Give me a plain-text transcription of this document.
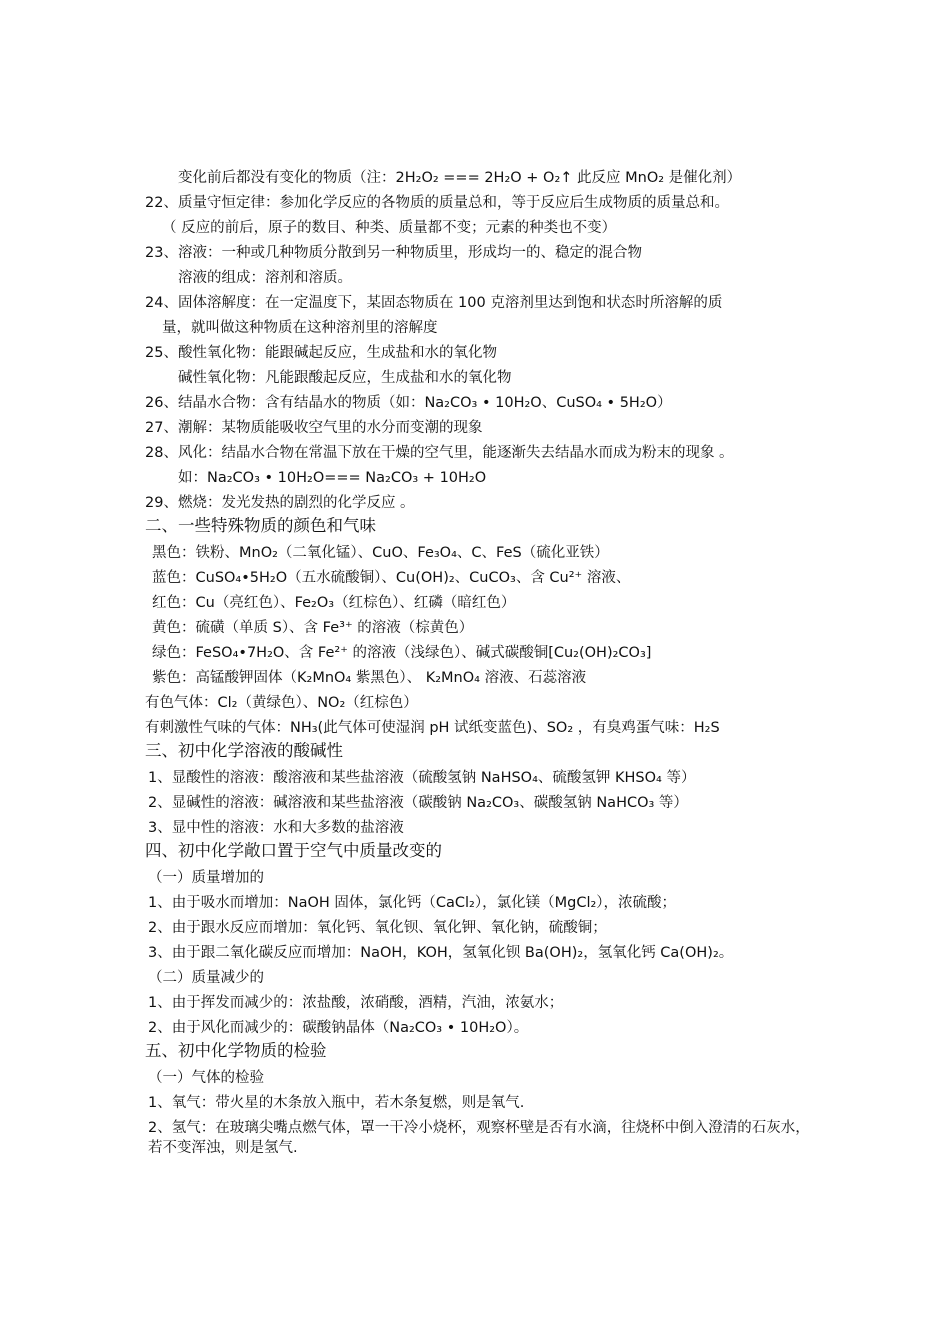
变化前后都没有变化的物质（注：2H₂O₂ === 2H₂O + O₂↑ 此反应 MnO₂ 是催化剂）
22、质量守恒定律：参加化学反应的各物质的质量总和，等于反应后生成物质的质量总和。
（ 反应的前后，原子的数目、种类、质量都不变；元素的种类也不变）
23、溶液：一种或几种物质分散到另一种物质里，形成均一的、稳定的混合物
溶液的组成：溶剂和溶质。
24、固体溶解度：在一定温度下，某固态物质在 100 克溶剂里达到饱和状态时所溶解的质
量，就叫做这种物质在这种溶剂里的溶解度
25、酸性氧化物：能跟碱起反应，生成盐和水的氧化物
碱性氧化物：凡能跟酸起反应，生成盐和水的氧化物
26、结晶水合物：含有结晶水的物质（如：Na₂CO₃ • 10H₂O、CuSO₄ • 5H₂O）
27、潮解：某物质能吸收空气里的水分而变潮的现象
28、风化：结晶水合物在常温下放在干燥的空气里，能逐渐失去结晶水而成为粉末的现象 。
如：Na₂CO₃ • 10H₂O=== Na₂CO₃ + 10H₂O
29、燃烧：发光发热的剧烈的化学反应 。
二、一些特殊物质的颜色和气味
黑色：铁粉、MnO₂（二氧化锰）、CuO、Fe₃O₄、C、FeS（硫化亚铁）
蓝色：CuSO₄•5H₂O（五水硫酸铜）、Cu(OH)₂、CuCO₃、含 Cu²⁺ 溶液、
红色：Cu（亮红色）、Fe₂O₃（红棕色）、红磷（暗红色）
黄色：硫磺（单质 S）、含 Fe³⁺ 的溶液（棕黄色）
绿色：FeSO₄•7H₂O、含 Fe²⁺ 的溶液（浅绿色）、碱式碳酸铜[Cu₂(OH)₂CO₃]
紫色：高锰酸钾固体（K₂MnO₄ 紫黑色）、 K₂MnO₄ 溶液、石蕊溶液
有色气体：Cl₂（黄绿色）、NO₂（红棕色）
有刺激性气味的气体：NH₃(此气体可使湿润 pH 试纸变蓝色)、SO₂ ，有臭鸡蛋气味：H₂S
三、初中化学溶液的酸碱性
1、显酸性的溶液：酸溶液和某些盐溶液（硫酸氢钠 NaHSO₄、硫酸氢钾 KHSO₄ 等）
2、显碱性的溶液：碱溶液和某些盐溶液（碳酸钠 Na₂CO₃、碳酸氢钠 NaHCO₃ 等）
3、显中性的溶液：水和大多数的盐溶液
四、初中化学敞口置于空气中质量改变的
（一）质量增加的
1、由于吸水而增加：NaOH 固体，氯化钙（CaCl₂），氯化镁（MgCl₂），浓硫酸；
2、由于跟水反应而增加：氧化钙、氧化钡、氧化钾、氧化钠，硫酸铜；
3、由于跟二氧化碳反应而增加：NaOH，KOH，氢氧化钡 Ba(OH)₂，氢氧化钙 Ca(OH)₂。
（二）质量减少的
1、由于挥发而减少的：浓盐酸，浓硝酸，酒精，汽油，浓氨水；
2、由于风化而减少的：碳酸钠晶体（Na₂CO₃ • 10H₂O）。
五、初中化学物质的检验
（一）气体的检验
1、氧气：带火星的木条放入瓶中，若木条复燃，则是氧气.
2、氢气：在玻璃尖嘴点燃气体，罩一干冷小烧杯，观察杯壁是否有水滴，往烧杯中倒入澄清的石灰水，若不变浑浊，则是氢气.
